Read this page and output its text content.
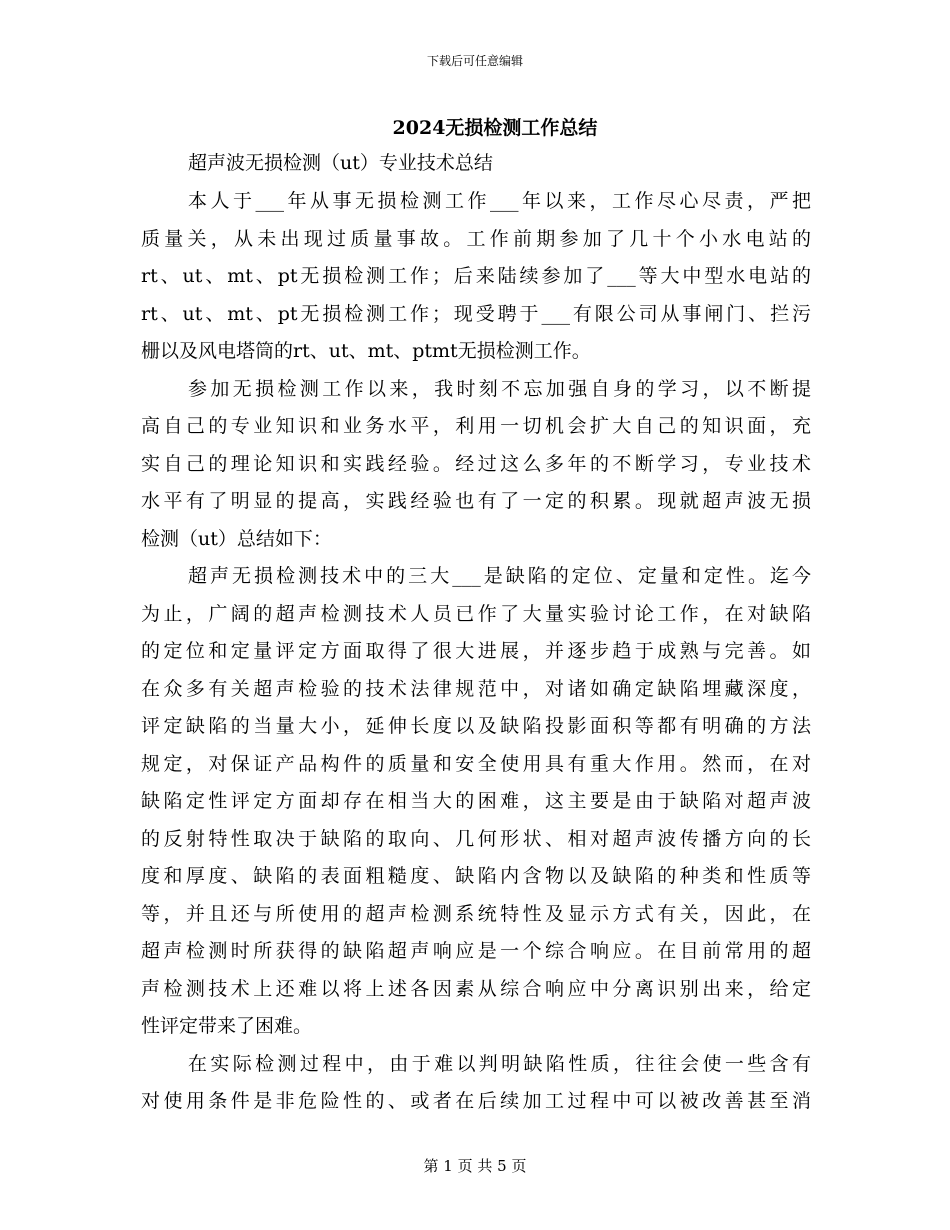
下载后可任意编辑
2024无损检测工作总结
超声波无损检测（ut）专业技术总结
本人于___年从事无损检测工作___年以来，工作尽心尽责，严把
质量关，从未出现过质量事故。工作前期参加了几十个小水电站的
rt、ut、mt、pt无损检测工作；后来陆续参加了___等大中型水电站的
rt、ut、mt、pt无损检测工作；现受聘于___有限公司从事闸门、拦污
栅以及风电塔筒的rt、ut、mt、ptmt无损检测工作。
参加无损检测工作以来，我时刻不忘加强自身的学习，以不断提
高自己的专业知识和业务水平，利用一切机会扩大自己的知识面，充
实自己的理论知识和实践经验。经过这么多年的不断学习，专业技术
水平有了明显的提高，实践经验也有了一定的积累。现就超声波无损
检测（ut）总结如下：
超声无损检测技术中的三大___是缺陷的定位、定量和定性。迄今
为止，广阔的超声检测技术人员已作了大量实验讨论工作，在对缺陷
的定位和定量评定方面取得了很大进展，并逐步趋于成熟与完善。如
在众多有关超声检验的技术法律规范中，对诸如确定缺陷埋藏深度，
评定缺陷的当量大小，延伸长度以及缺陷投影面积等都有明确的方法
规定，对保证产品构件的质量和安全使用具有重大作用。然而，在对
缺陷定性评定方面却存在相当大的困难，这主要是由于缺陷对超声波
的反射特性取决于缺陷的取向、几何形状、相对超声波传播方向的长
度和厚度、缺陷的表面粗糙度、缺陷内含物以及缺陷的种类和性质等
等，并且还与所使用的超声检测系统特性及显示方式有关，因此，在
超声检测时所获得的缺陷超声响应是一个综合响应。在目前常用的超
声检测技术上还难以将上述各因素从综合响应中分离识别出来，给定
性评定带来了困难。
在实际检测过程中，由于难以判明缺陷性质，往往会使一些含有
对使用条件是非危险性的、或者在后续加工过程中可以被改善甚至消
第 1 页 共 5 页
